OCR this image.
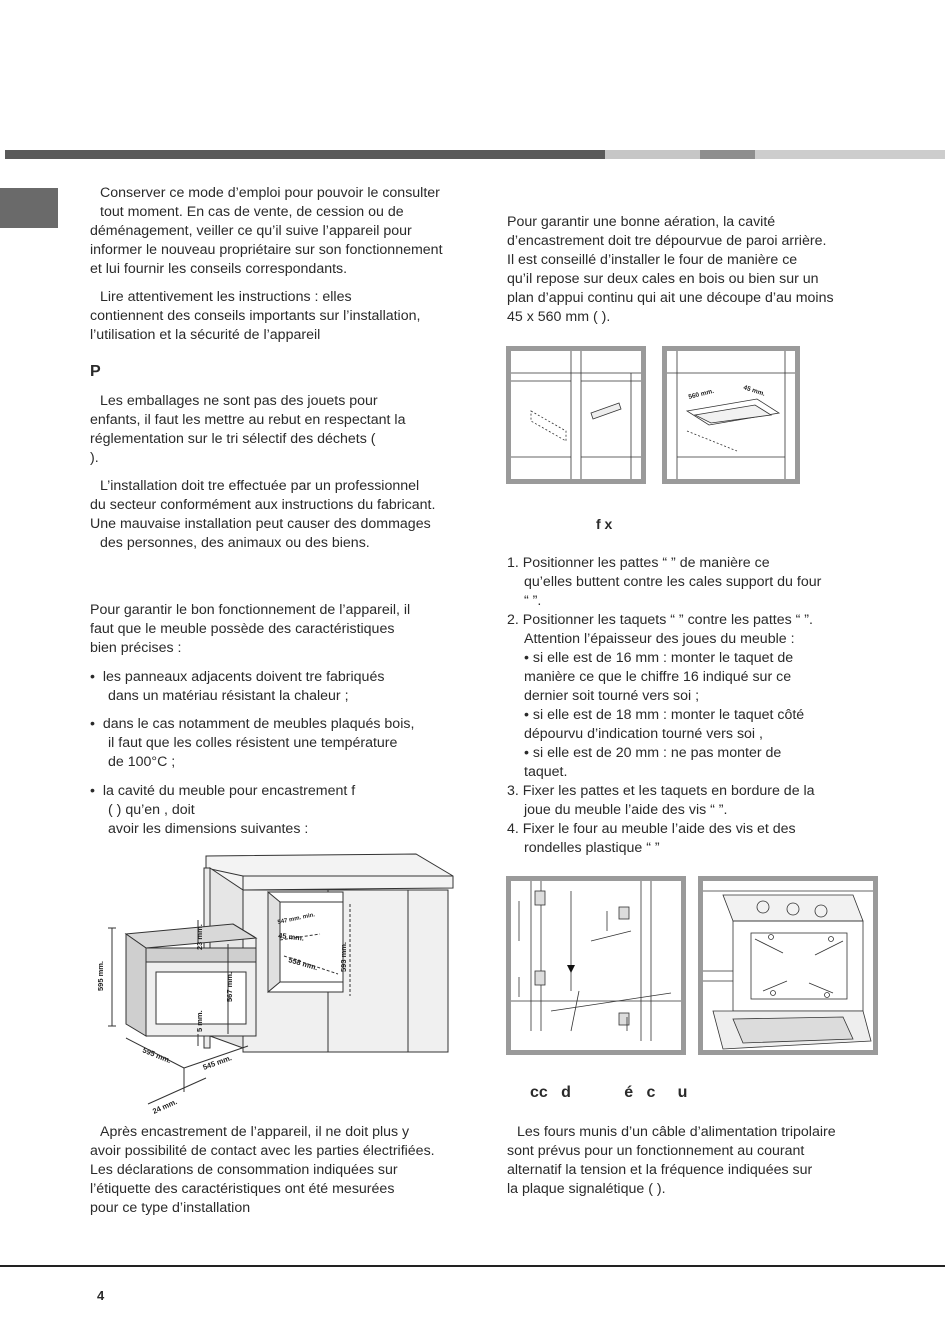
Conserver ce mode d’emploi pour pouvoir le consulter
tout moment. En cas de vente, de cession ou de
déménagement, veiller ce qu’il suive l’appareil pour
informer le nouveau propriétaire sur son fonctionnement
et lui fournir les conseils correspondants.
Lire attentivement les instructions : elles
contiennent des conseils importants sur l’installation,
l’utilisation et la sécurité de l’appareil
P
Les emballages ne sont pas des jouets pour
enfants, il faut les mettre au rebut en respectant la
réglementation sur le tri sélectif des déchets (
).
L’installation doit tre effectuée par un professionnel
du secteur conformément aux instructions du fabricant.
Une mauvaise installation peut causer des dommages
des personnes, des animaux ou des biens.
Pour garantir le bon fonctionnement de l’appareil, il
faut que le meuble possède des caractéristiques
bien précises :
•  les panneaux adjacents doivent tre fabriqués
dans un matériau résistant la chaleur ;
•  dans le cas notamment de meubles plaqués bois,
il faut que les colles résistent une température
de 100°C ;
•  la cavité du meuble pour encastrement f
( ) qu’en , doit
avoir les dimensions suivantes :
595 mm.
23 mm.
567 mm.
5 mm.
595 mm.	545 mm.
24 mm.
547 mm. min.
45 mm.
558 mm.	593 mm.
Après encastrement de l’appareil, il ne doit plus y
avoir possibilité de contact avec les parties électrifiées.
Les déclarations de consommation indiquées sur
l’étiquette des caractéristiques ont été mesurées
pour ce type d’installation
Pour garantir une bonne aération, la cavité
d’encastrement doit tre dépourvue de paroi arrière.
Il est conseillé d’installer le four de manière ce
qu’il repose sur deux cales en bois ou bien sur un
plan d’appui continu qui ait une découpe d’au moins
45 x 560 mm ( ).
560 mm.	45 mm.
f x
1. Positionner les pattes “ ” de manière ce
qu’elles buttent contre les cales support du four
“ ”.
2. Positionner les taquets “ ” contre les pattes “ ”.
Attention l’épaisseur des joues du meuble :
• si elle est de 16 mm : monter le taquet de
manière ce que le chiffre 16 indiqué sur ce
dernier soit tourné vers soi ;
• si elle est de 18 mm : monter le taquet côté
dépourvu d’indication tourné vers soi ,
• si elle est de 20 mm : ne pas monter de
taquet.
3. Fixer les pattes et les taquets en bordure de la
joue du meuble l’aide des vis “ ”.
4. Fixer le four au meuble l’aide des vis et des
rondelles plastique “ ”
cc   d            é   c     u
Les fours munis d’un câble d’alimentation tripolaire
sont prévus pour un fonctionnement au courant
alternatif la tension et la fréquence indiquées sur
la plaque signalétique ( ).
4
